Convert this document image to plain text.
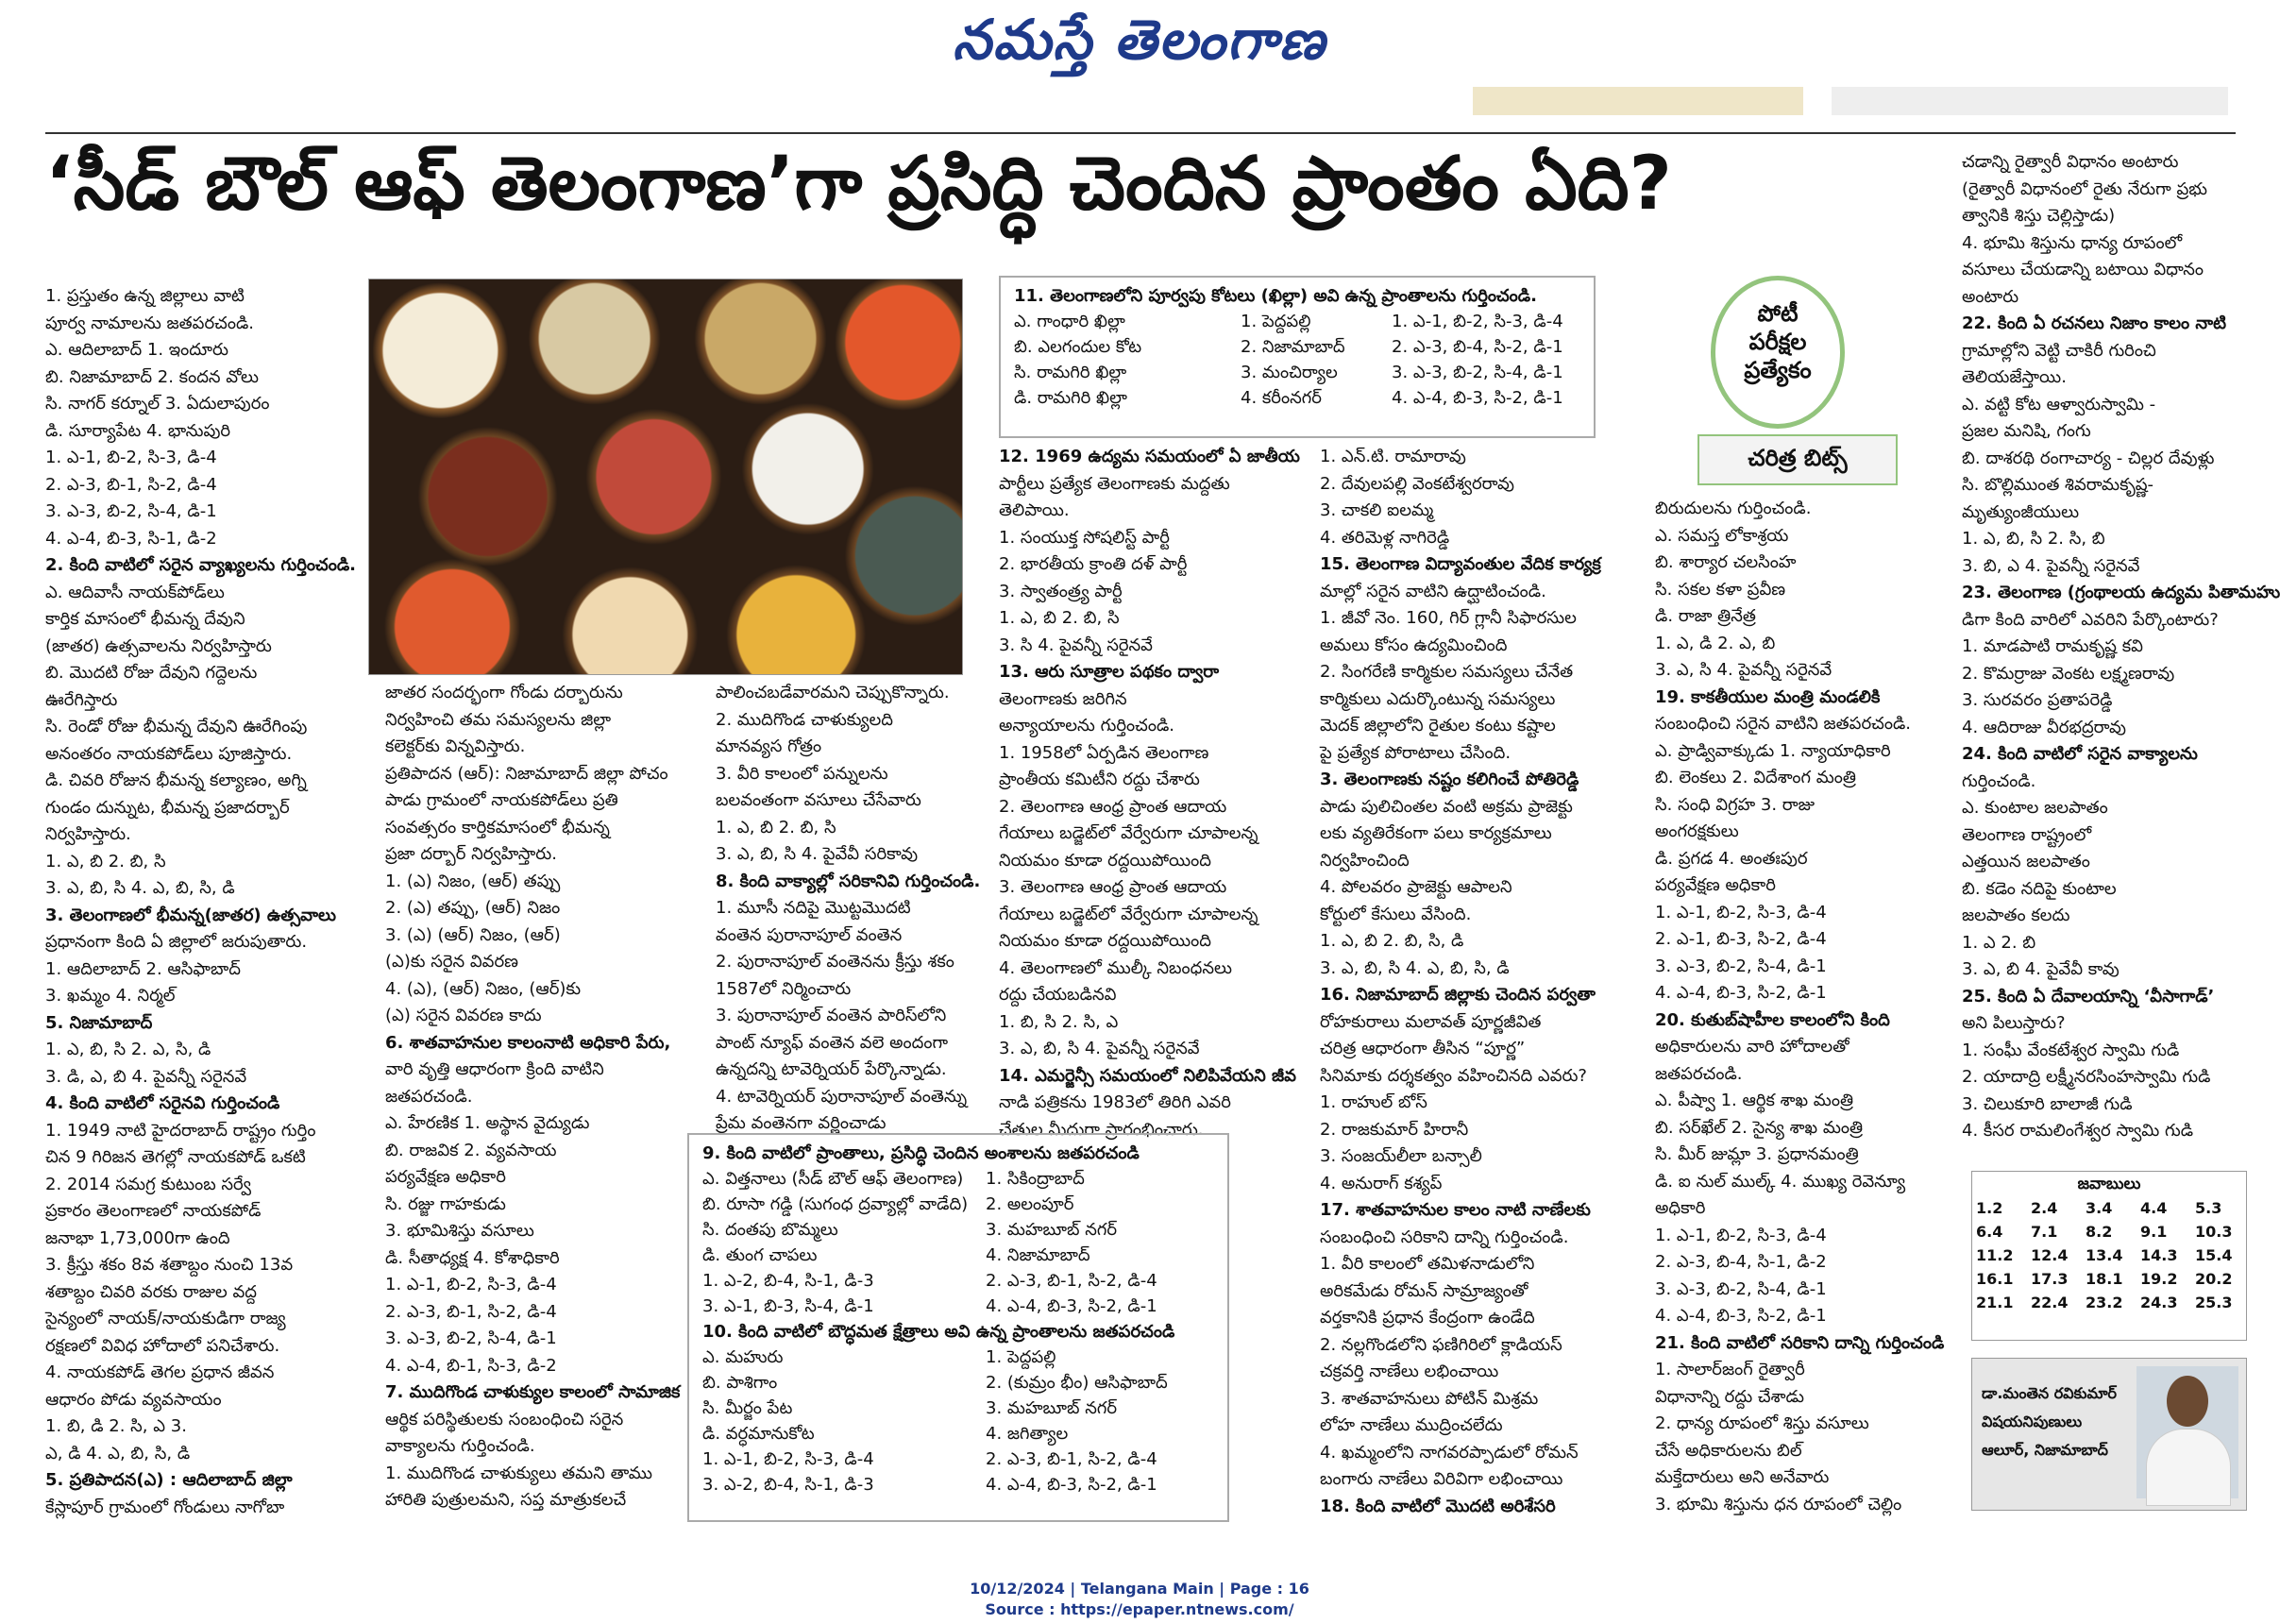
నమస్తే తెలంగాణ
‘సీడ్ బౌల్ ఆఫ్ తెలంగాణ’గా ప్రసిద్ధి చెందిన ప్రాంతం ఏది?
1. ప్రస్తుతం ఉన్న జిల్లాలు వాటి
పూర్వ నామాలను జతపరచండి.
ఎ. ఆదిలాబాద్ 1. ఇందూరు
బి. నిజామాబాద్ 2. కందన వోలు
సి. నాగర్ కర్నూల్ 3. ఏదులాపురం
డి. సూర్యాపేట 4. భానుపురి
1. ఎ-1, బి-2, సి-3, డి-4
2. ఎ-3, బి-1, సి-2, డి-4
3. ఎ-3, బి-2, సి-4, డి-1
4. ఎ-4, బి-3, సి-1, డి-2
2. కింది వాటిలో సరైన వ్యాఖ్యలను గుర్తించండి.
ఎ. ఆదివాసీ నాయక్‌పోడ్‌లు
కార్తిక మాసంలో భీమన్న దేవుని
(జాతర) ఉత్సవాలను నిర్వహిస్తారు
బి. మొదటి రోజు దేవుని గద్దెలను
ఊరేగిస్తారు
సి. రెండో రోజు భీమన్న దేవుని ఊరేగింపు
అనంతరం నాయకపోడ్‌లు పూజిస్తారు.
డి. చివరి రోజున భీమన్న కల్యాణం, అగ్ని
గుండం దున్నుట, భీమన్న ప్రజాదర్బార్
నిర్వహిస్తారు.
1. ఎ, బి 2. బి, సి
3. ఎ, బి, సి 4. ఎ, బి, సి, డి
3. తెలంగాణలో భీమన్న(జాతర) ఉత్సవాలు
ప్రధానంగా కింది ఏ జిల్లాలో జరుపుతారు.
1. ఆదిలాబాద్ 2. ఆసిఫాబాద్
3. ఖమ్మం 4. నిర్మల్
5. నిజామాబాద్
1. ఎ, బి, సి 2. ఎ, సి, డి
3. డి, ఎ, బి 4. పైవన్నీ సరైనవే
4. కింది వాటిలో సరైనవి గుర్తించండి
1. 1949 నాటి హైదరాబాద్ రాష్ట్రం గుర్తిం
చిన 9 గిరిజన తెగల్లో నాయకపోడ్ ఒకటి
2. 2014 సమగ్ర కుటుంబ సర్వే
ప్రకారం తెలంగాణలో నాయకపోడ్
జనాభా 1,73,000గా ఉంది
3. క్రీస్తు శకం 8వ శతాబ్దం నుంచి 13వ
శతాబ్దం చివరి వరకు రాజుల వద్ద
సైన్యంలో నాయక్/నాయకుడిగా రాజ్య
రక్షణలో వివిధ హోదాలో పనిచేశారు.
4. నాయకపోడ్ తెగల ప్రధాన జీవన
ఆధారం పోడు వ్యవసాయం
1. బి, డి 2. సి, ఎ 3.
ఎ, డి 4. ఎ, బి, సి, డి
5. ప్రతిపాదన(ఎ) : ఆదిలాబాద్ జిల్లా
కేస్లాపూర్ గ్రామంలో గోండులు నాగోబా
జాతర సందర్భంగా గోండు దర్బారును
నిర్వహించి తమ సమస్యలను జిల్లా
కలెక్టర్‌కు విన్నవిస్తారు.
ప్రతిపాదన (ఆర్): నిజామాబాద్ జిల్లా పోచం
పాడు గ్రామంలో నాయకపోడ్‌లు ప్రతి
సంవత్సరం కార్తికమాసంలో భీమన్న
ప్రజా దర్బార్ నిర్వహిస్తారు.
1. (ఎ) నిజం, (ఆర్) తప్పు
2. (ఎ) తప్పు, (ఆర్) నిజం
3. (ఎ) (ఆర్) నిజం, (ఆర్)
(ఎ)కు సరైన వివరణ
4. (ఎ), (ఆర్) నిజం, (ఆర్)కు
(ఎ) సరైన వివరణ కాదు
6. శాతవాహనుల కాలంనాటి అధికారి పేరు,
వారి వృత్తి ఆధారంగా క్రింది వాటిని
జతపరచండి.
ఎ. హేరణిక 1. అస్థాన వైద్యుడు
బి. రాజవిక 2. వ్యవసాయ
పర్యవేక్షణ అధికారి
సి. రజ్జు గాహకుడు
3. భూమిశిస్తు వసూలు
డి. సీతాధ్యక్ష 4. కోశాధికారి
1. ఎ-1, బి-2, సి-3, డి-4
2. ఎ-3, బి-1, సి-2, డి-4
3. ఎ-3, బి-2, సి-4, డి-1
4. ఎ-4, బి-1, సి-3, డి-2
7. ముదిగొండ చాళుక్యుల కాలంలో సామాజిక
ఆర్థిక పరిస్థితులకు సంబంధించి సరైన
వాక్యాలను గుర్తించండి.
1. ముదిగొండ చాళుక్యులు తమని తాము
హారితి పుత్రులమని, సప్త మాత్రుకలచే
పాలించబడేవారమని చెప్పుకొన్నారు.
2. ముదిగొండ చాళుక్యులది
మానవ్యస గోత్రం
3. వీరి కాలంలో పన్నులను
బలవంతంగా వసూలు చేసేవారు
1. ఎ, బి 2. బి, సి
3. ఎ, బి, సి 4. పైవేవీ సరికావు
8. కింది వాక్యాల్లో సరికానివి గుర్తించండి.
1. మూసీ నదిపై మొట్టమొదటి
వంతెన పురానాపూల్ వంతెన
2. పురానాపూల్ వంతెనను క్రీస్తు శకం
1587లో నిర్మించారు
3. పురానాపూల్ వంతెన పారిస్‌లోని
పాంట్ న్యూఫ్ వంతెన వలె అందంగా
ఉన్నదన్ని టావెర్నియర్ పేర్కొన్నాడు.
4. టావెర్నియర్ పురానాపూల్ వంతెన్ను
ప్రేమ వంతెనగా వర్ణించాడు
11. తెలంగాణలోని పూర్వపు కోటలు (ఖిల్లా) అవి ఉన్న ప్రాంతాలను గుర్తించండి.
ఎ. గాంధారి ఖిల్లా	1. పెద్దపల్లి	1. ఎ-1, బి-2, సి-3, డి-4
బి. ఎలగందుల కోట	2. నిజామాబాద్	2. ఎ-3, బి-4, సి-2, డి-1
సి. రామగిరి ఖిల్లా	3. మంచిర్యాల	3. ఎ-3, బి-2, సి-4, డి-1
డి. రామగిరి ఖిల్లా	4. కరీంనగర్	4. ఎ-4, బి-3, సి-2, డి-1
12. 1969 ఉద్యమ సమయంలో ఏ జాతీయ
పార్టీలు ప్రత్యేక తెలంగాణకు మద్దతు
తెలిపాయి.
1. సంయుక్త సోషలిస్ట్ పార్టీ
2. భారతీయ క్రాంతి దళ్ పార్టీ
3. స్వాతంత్ర్య పార్టీ
1. ఎ, బి 2. బి, సి
3. సి 4. పైవన్నీ సరైనవే
13. ఆరు సూత్రాల పథకం ద్వారా
తెలంగాణకు జరిగిన
అన్యాయాలను గుర్తించండి.
1. 1958లో ఏర్పడిన తెలంగాణ
ప్రాంతీయ కమిటీని రద్దు చేశారు
2. తెలంగాణ ఆంధ్ర ప్రాంత ఆదాయ
గేయాలు బడ్జెట్‌లో వేర్వేరుగా చూపాలన్న
నియమం కూడా రద్దయిపోయింది
3. తెలంగాణ ఆంధ్ర ప్రాంత ఆదాయ
గేయాలు బడ్జెట్‌లో వేర్వేరుగా చూపాలన్న
నియమం కూడా రద్దయిపోయింది
4. తెలంగాణలో ముల్కీ నిబంధనలు
రద్దు చేయబడినవి
1. బి, సి 2. సి, ఎ
3. ఎ, బి, సి 4. పైవన్నీ సరైనవే
14. ఎమర్జెన్సీ సమయంలో నిలిపివేయని జీవ
నాడి పత్రికను 1983లో తిరిగి ఎవరి
చేతుల మీదుగా ప్రారంభించారు.
1. ఎన్.టి. రామారావు
2. దేవులపల్లి వెంకటేశ్వరరావు
3. చాకలి ఐలమ్మ
4. తరిమెళ్ల నాగిరెడ్డి
15. తెలంగాణ విద్యావంతుల వేదిక కార్యక్ర
మాల్లో సరైన వాటిని ఉద్ఘాటించండి.
1. జీవో నెం. 160, గిర్ గ్లానీ సిఫారసుల
అమలు కోసం ఉద్యమించింది
2. సింగరేణి కార్మికుల సమస్యలు చేనేత
కార్మికులు ఎదుర్కొంటున్న సమస్యలు
మెదక్ జిల్లాలోని రైతుల కంటు కష్టాల
పై ప్రత్యేక పోరాటాలు చేసింది.
3. తెలంగాణకు నష్టం కలిగించే పోతిరెడ్డి
పాడు పులిచింతల వంటి అక్రమ ప్రాజెక్టు
లకు వ్యతిరేకంగా పలు కార్యక్రమాలు
నిర్వహించింది
4. పోలవరం ప్రాజెక్టు ఆపాలని
కోర్టులో కేసులు వేసింది.
1. ఎ, బి 2. బి, సి, డి
3. ఎ, బి, సి 4. ఎ, బి, సి, డి
16. నిజామాబాద్ జిల్లాకు చెందిన పర్వతా
రోహకురాలు మలావత్ పూర్ణజీవిత
చరిత్ర ఆధారంగా తీసిన “పూర్ణ”
సినిమాకు దర్శకత్వం వహించినది ఎవరు?
1. రాహుల్ బోస్
2. రాజకుమార్ హిరానీ
3. సంజయ్‌లీలా బన్సాలీ
4. అనురాగ్ కశ్యప్
17. శాతవాహనుల కాలం నాటి నాణేలకు
సంబంధించి సరికాని దాన్ని గుర్తించండి.
1. వీరి కాలంలో తమిళనాడులోని
అరికమేడు రోమన్ సామ్రాజ్యంతో
వర్తకానికి ప్రధాన కేంద్రంగా ఉండేది
2. నల్లగొండలోని ఫణిగిరిలో క్లాడియస్
చక్రవర్తి నాణేలు లభించాయి
3. శాతవాహనులు పోటిన్ మిశ్రమ
లోహ నాణేలు ముద్రించలేదు
4. ఖమ్మంలోని నాగవరప్పాడులో రోమన్
బంగారు నాణేలు విరివిగా లభించాయి
18. కింది వాటిలో మొదటి అరిశేసరి
పోటీ
పరీక్షల
ప్రత్యేకం
చరిత్ర బిట్స్
బిరుదులను గుర్తించండి.
ఎ. సమస్త లోకాశ్రయ
బి. శార్యార చలసింహ
సి. సకల కళా ప్రవీణ
డి. రాజా త్రినేత్ర
1. ఎ, డి 2. ఎ, బి
3. ఎ, సి 4. పైవన్నీ సరైనవే
19. కాకతీయుల మంత్రి మండలికి
సంబంధించి సరైన వాటిని జతపరచండి.
ఎ. ప్రాడ్వివాక్కుడు 1. న్యాయాధికారి
బి. లెంకలు 2. విదేశాంగ మంత్రి
సి. సంధి విగ్రహ 3. రాజు
అంగరక్షకులు
డి. ప్రగడ 4. అంతఃపుర
పర్యవేక్షణ అధికారి
1. ఎ-1, బి-2, సి-3, డి-4
2. ఎ-1, బి-3, సి-2, డి-4
3. ఎ-3, బి-2, సి-4, డి-1
4. ఎ-4, బి-3, సి-2, డి-1
20. కుతుబ్‌షాహీల కాలంలోని కింది
అధికారులను వారి హోదాలతో
జతపరచండి.
ఎ. పీష్వా 1. ఆర్థిక శాఖ మంత్రి
బి. సర్‌ఖేల్ 2. సైన్య శాఖ మంత్రి
సి. మీర్ జుమ్లా 3. ప్రధానమంత్రి
డి. ఐ నుల్ ముల్క్ 4. ముఖ్య రెవెన్యూ
అధికారి
1. ఎ-1, బి-2, సి-3, డి-4
2. ఎ-3, బి-4, సి-1, డి-2
3. ఎ-3, బి-2, సి-4, డి-1
4. ఎ-4, బి-3, సి-2, డి-1
21. కింది వాటిలో సరికాని దాన్ని గుర్తించండి
1. సాలార్‌జంగ్ రైత్వారీ
విధానాన్ని రద్దు చేశాడు
2. ధాన్య రూపంలో శిస్తు వసూలు
చేసే అధికారులను బిల్
మక్తేదారులు అని అనేవారు
3. భూమి శిస్తును ధన రూపంలో చెల్లిం
చడాన్ని రైత్వారీ విధానం అంటారు
(రైత్వారీ విధానంలో రైతు నేరుగా ప్రభు
త్వానికి శిస్తు చెల్లిస్తాడు)
4. భూమి శిస్తును ధాన్య రూపంలో
వసూలు చేయడాన్ని బటాయి విధానం
అంటారు
22. కింది ఏ రచనలు నిజాం కాలం నాటి
గ్రామాల్లోని వెట్టి చాకిరీ గురించి
తెలియజేస్తాయి.
ఎ. వట్టి కోట ఆళ్వారుస్వామి -
ప్రజల మనిషి, గంగు
బి. దాశరథి రంగాచార్య - చిల్లర దేవుళ్లు
సి. బొల్లిముంత శివరామకృష్ణ-
మృత్యుంజీయులు
1. ఎ, బి, సి 2. సి, బి
3. బి, ఎ 4. పైవన్నీ సరైనవే
23. తెలంగాణ (గ్రంథాలయ ఉద్యమ పితామహు
డిగా కింది వారిలో ఎవరిని పేర్కొంటారు?
1. మాడపాటి రామకృష్ణ కవి
2. కొమర్రాజు వెంకట లక్ష్మణరావు
3. సురవరం ప్రతాపరెడ్డి
4. ఆదిరాజు వీరభద్రరావు
24. కింది వాటిలో సరైన వాక్యాలను
గుర్తించండి.
ఎ. కుంటాల జలపాతం
తెలంగాణ రాష్ట్రంలో
ఎత్తయిన జలపాతం
బి. కడెం నదిపై కుంటాల
జలపాతం కలదు
1. ఎ 2. బి
3. ఎ, బి 4. పైవేవీ కావు
25. కింది ఏ దేవాలయాన్ని ‘వీసాగాడ్’
అని పిలుస్తారు?
1. సంఘీ వేంకటేశ్వర స్వామి గుడి
2. యాదాద్రి లక్ష్మీనరసింహస్వామి గుడి
3. చిలుకూరి బాలాజీ గుడి
4. కీసర రామలింగేశ్వర స్వామి గుడి
9. కింది వాటిలో ప్రాంతాలు, ప్రసిద్ధి చెందిన అంశాలను జతపరచండి
ఎ. విత్తనాలు (సీడ్ బౌల్ ఆఫ్ తెలంగాణ)	1. సికింద్రాబాద్
బి. రూసా గడ్డి (సుగంధ ద్రవ్యాల్లో వాడేది)	2. అలంపూర్
సి. దంతపు బొమ్మలు	3. మహబూబ్ నగర్
డి. తుంగ చాపలు	4. నిజామాబాద్
1. ఎ-2, బి-4, సి-1, డి-3	2. ఎ-3, బి-1, సి-2, డి-4
3. ఎ-1, బి-3, సి-4, డి-1	4. ఎ-4, బి-3, సి-2, డి-1
10. కింది వాటిలో బౌద్ధమత క్షేత్రాలు అవి ఉన్న ప్రాంతాలను జతపరచండి
ఎ. మహురు	1. పెద్దపల్లి
బి. పాశిగాం	2. (కుమ్రం భీం) ఆసిఫాబాద్
సి. మీర్జం పేట	3. మహబూబ్ నగర్
డి. వర్ధమానుకోట	4. జగిత్యాల
1. ఎ-1, బి-2, సి-3, డి-4	2. ఎ-3, బి-1, సి-2, డి-4
3. ఎ-2, బి-4, సి-1, డి-3	4. ఎ-4, బి-3, సి-2, డి-1
జవాబులు
1.2	2.4	3.4	4.4	5.3
6.4	7.1	8.2	9.1	10.3
11.2	12.4	13.4	14.3	15.4
16.1	17.3	18.1	19.2	20.2
21.1	22.4	23.2	24.3	25.3
డా.మంతెన రవికుమార్
విషయనిపుణులు
ఆలూర్, నిజామాబాద్
10/12/2024 | Telangana Main | Page : 16
Source : https://epaper.ntnews.com/
